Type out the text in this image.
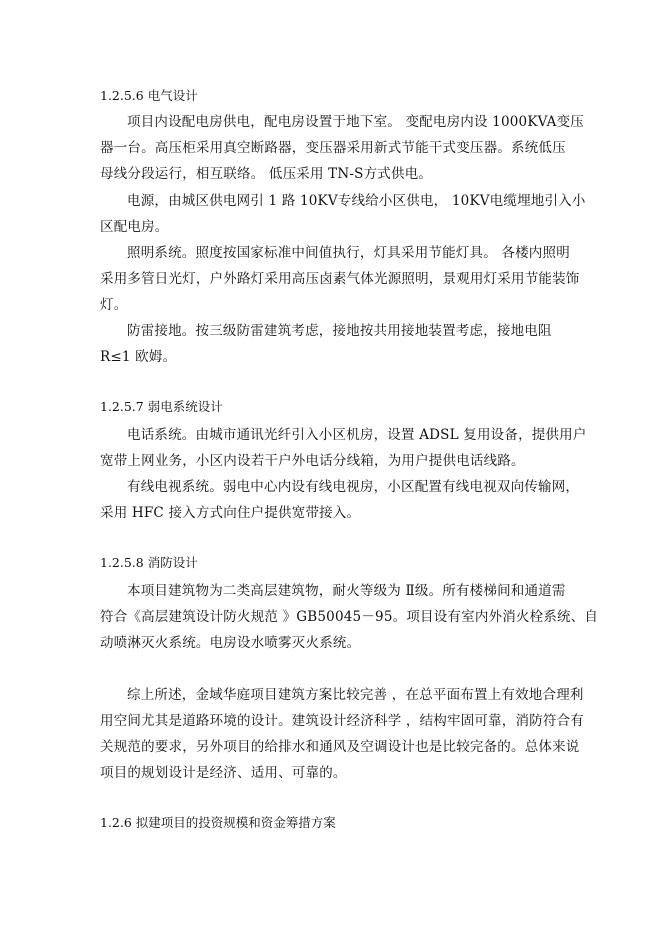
1.2.5.6 电气设计
项目内设配电房供电，配电房设置于地下室。 变配电房内设 1000KVA变压
器一台。高压柜采用真空断路器，变压器采用新式节能干式变压器。系统低压
母线分段运行，相互联络。 低压采用 TN-S方式供电。
电源，由城区供电网引 1 路 10KV专线给小区供电， 10KV电缆埋地引入小
区配电房。
照明系统。照度按国家标准中间值执行，灯具采用节能灯具。 各楼内照明
采用多管日光灯，户外路灯采用高压卤素气体光源照明，景观用灯采用节能装饰
灯。
防雷接地。按三级防雷建筑考虑，接地按共用接地装置考虑，接地电阻
R≤1 欧姆。
1.2.5.7 弱电系统设计
电话系统。由城市通讯光纤引入小区机房，设置 ADSL 复用设备，提供用户
宽带上网业务，小区内设若干户外电话分线箱，为用户提供电话线路。
有线电视系统。弱电中心内设有线电视房，小区配置有线电视双向传输网，
采用 HFC 接入方式向住户提供宽带接入。
1.2.5.8 消防设计
本项目建筑物为二类高层建筑物，耐火等级为 Ⅱ级。所有楼梯间和通道需
符合《高层建筑设计防火规范 》GB50045－95。项目设有室内外消火栓系统、自
动喷淋灭火系统。电房设水喷雾灭火系统。
综上所述，金域华庭项目建筑方案比较完善 ，在总平面布置上有效地合理利
用空间尤其是道路环境的设计。建筑设计经济科学 ，结构牢固可靠，消防符合有
关规范的要求，另外项目的给排水和通风及空调设计也是比较完备的。总体来说
项目的规划设计是经济、适用、可靠的。
1.2.6 拟建项目的投资规模和资金筹措方案
